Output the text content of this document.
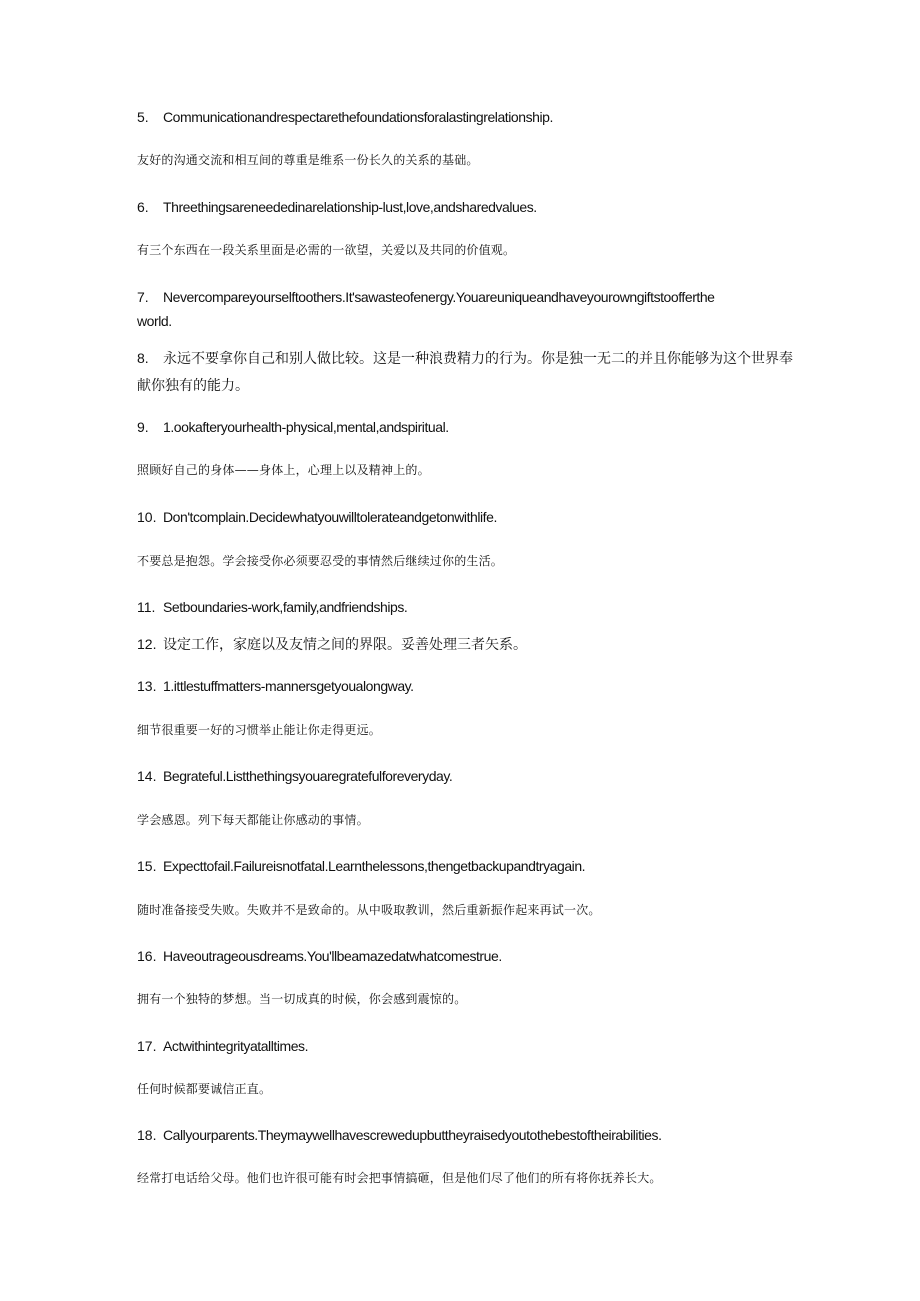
5. Communicationandrespectarethefoundationsforalastingrelationship.
友好的沟通交流和相互间的尊重是维系一份长久的关系的基础。
6. Threethingsareneededinarelationship-lust,love,andsharedvalues.
有三个东西在一段关系里面是必需的一欲望，关爱以及共同的价值观。
7. Nevercompareyourselftoothers.It'sawasteofenergy.Youareuniqueandhaveyourowngiftstoofferthe
world.
8. 永远不要拿你自己和别人做比较。这是一种浪费精力的行为。你是独一无二的并且你能够为这个世界奉献你独有的能力。
9. 1.ookafteryourhealth-physical,mental,andspiritual.
照顾好自己的身体——身体上，心理上以及精神上的。
10. Don'tcomplain.Decidewhatyouwilltolerateandgetonwithlife.
不要总是抱怨。学会接受你必须要忍受的事情然后继续过你的生活。
11. Setboundaries-work,family,andfriendships.
12. 设定工作，家庭以及友情之间的界限。妥善处理三者矢系。
13. 1.ittlestuffmatters-mannersgetyoualongway.
细节很重要一好的习惯举止能让你走得更远。
14. Begrateful.Listthethingsyouaregratefulforeveryday.
学会感恩。列下每天都能让你感动的事情。
15. Expecttofail.Failureisnotfatal.Learnthelessons,thengetbackupandtryagain.
随时准备接受失败。失败并不是致命的。从中吸取教训，然后重新振作起来再试一次。
16. Haveoutrageousdreams.You'llbeamazedatwhatcomestrue.
拥有一个独特的梦想。当一切成真的时候，你会感到震惊的。
17. Actwithintegrityatalltimes.
任何时候都要诚信正直。
18. Callyourparents.Theymaywellhavescrewedupbuttheyraisedyoutothebestoftheirabilities.
经常打电话给父母。他们也许很可能有时会把事情搞砸，但是他们尽了他们的所有将你抚养长大。
